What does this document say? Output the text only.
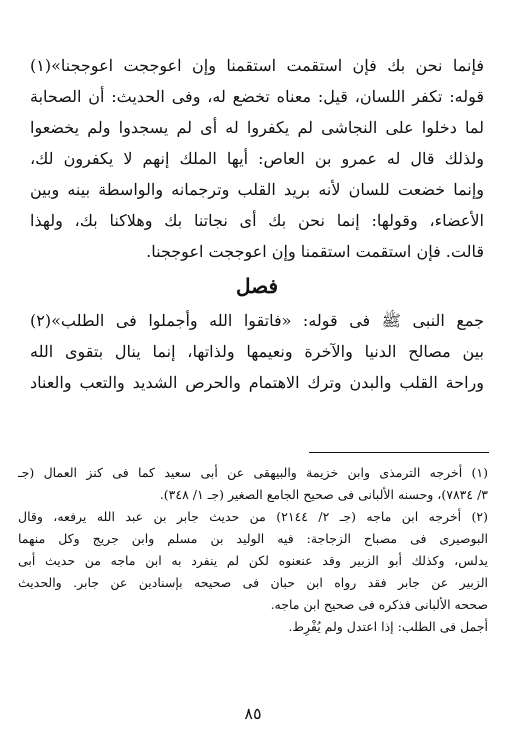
فإنما نحن بك فإن استقمت استقمنا وإن اعوججت اعوججنا»(١)
قوله: تكفر اللسان، قيل: معناه تخضع له، وفى الحديث: أن الصحابة
لما دخلوا على النجاشى لم يكفروا له أى لم يسجدوا ولم يخضعوا
ولذلك قال له عمرو بن العاص: أيها الملك إنهم لا يكفرون لك،
وإنما خضعت للسان لأنه بريد القلب وترجمانه والواسطة بينه وبين
الأعضاء، وقولها: إنما نحن بك أى نجاتنا بك وهلاكنا بك، ولهذا
قالت. فإن استقمت استقمنا وإن اعوججت اعوججنا.
فصل
جمع النبى ﷺ فى قوله: «فاتقوا الله وأجملوا فى الطلب»(٢)
بين مصالح الدنيا والآخرة ونعيمها ولذاتها، إنما ينال بتقوى الله
وراحة القلب والبدن وترك الاهتمام والحرص الشديد والتعب والعناد
(١) أخرجه الترمذى وابن خزيمة والبيهقى عن أبى سعيد كما فى كنز العمال (جـ
٣/ ٧٨٣٤)، وحسنه الألبانى فى صحيح الجامع الصغير (جـ ١/ ٣٤٨).
(٢) أخرجه ابن ماجه (جـ ٢/ ٢١٤٤) من حديث جابر بن عبد الله يرفعه، وقال
البوصيرى فى مصباح الزجاجة: فيه الوليد بن مسلم وابن جريج وكل منهما
يدلس، وكذلك أبو الزبير وقد عنعنوه لكن لم ينفرد به ابن ماجه من حديث أبى
الزبير عن جابر فقد رواه ابن حبان فى صحيحه بإسنادين عن جابر. والحديث
صححه الألبانى فذكره فى صحيح ابن ماجه.
أجمل فى الطلب: إذا اعتدل ولم يُفْرِط.
٨٥
